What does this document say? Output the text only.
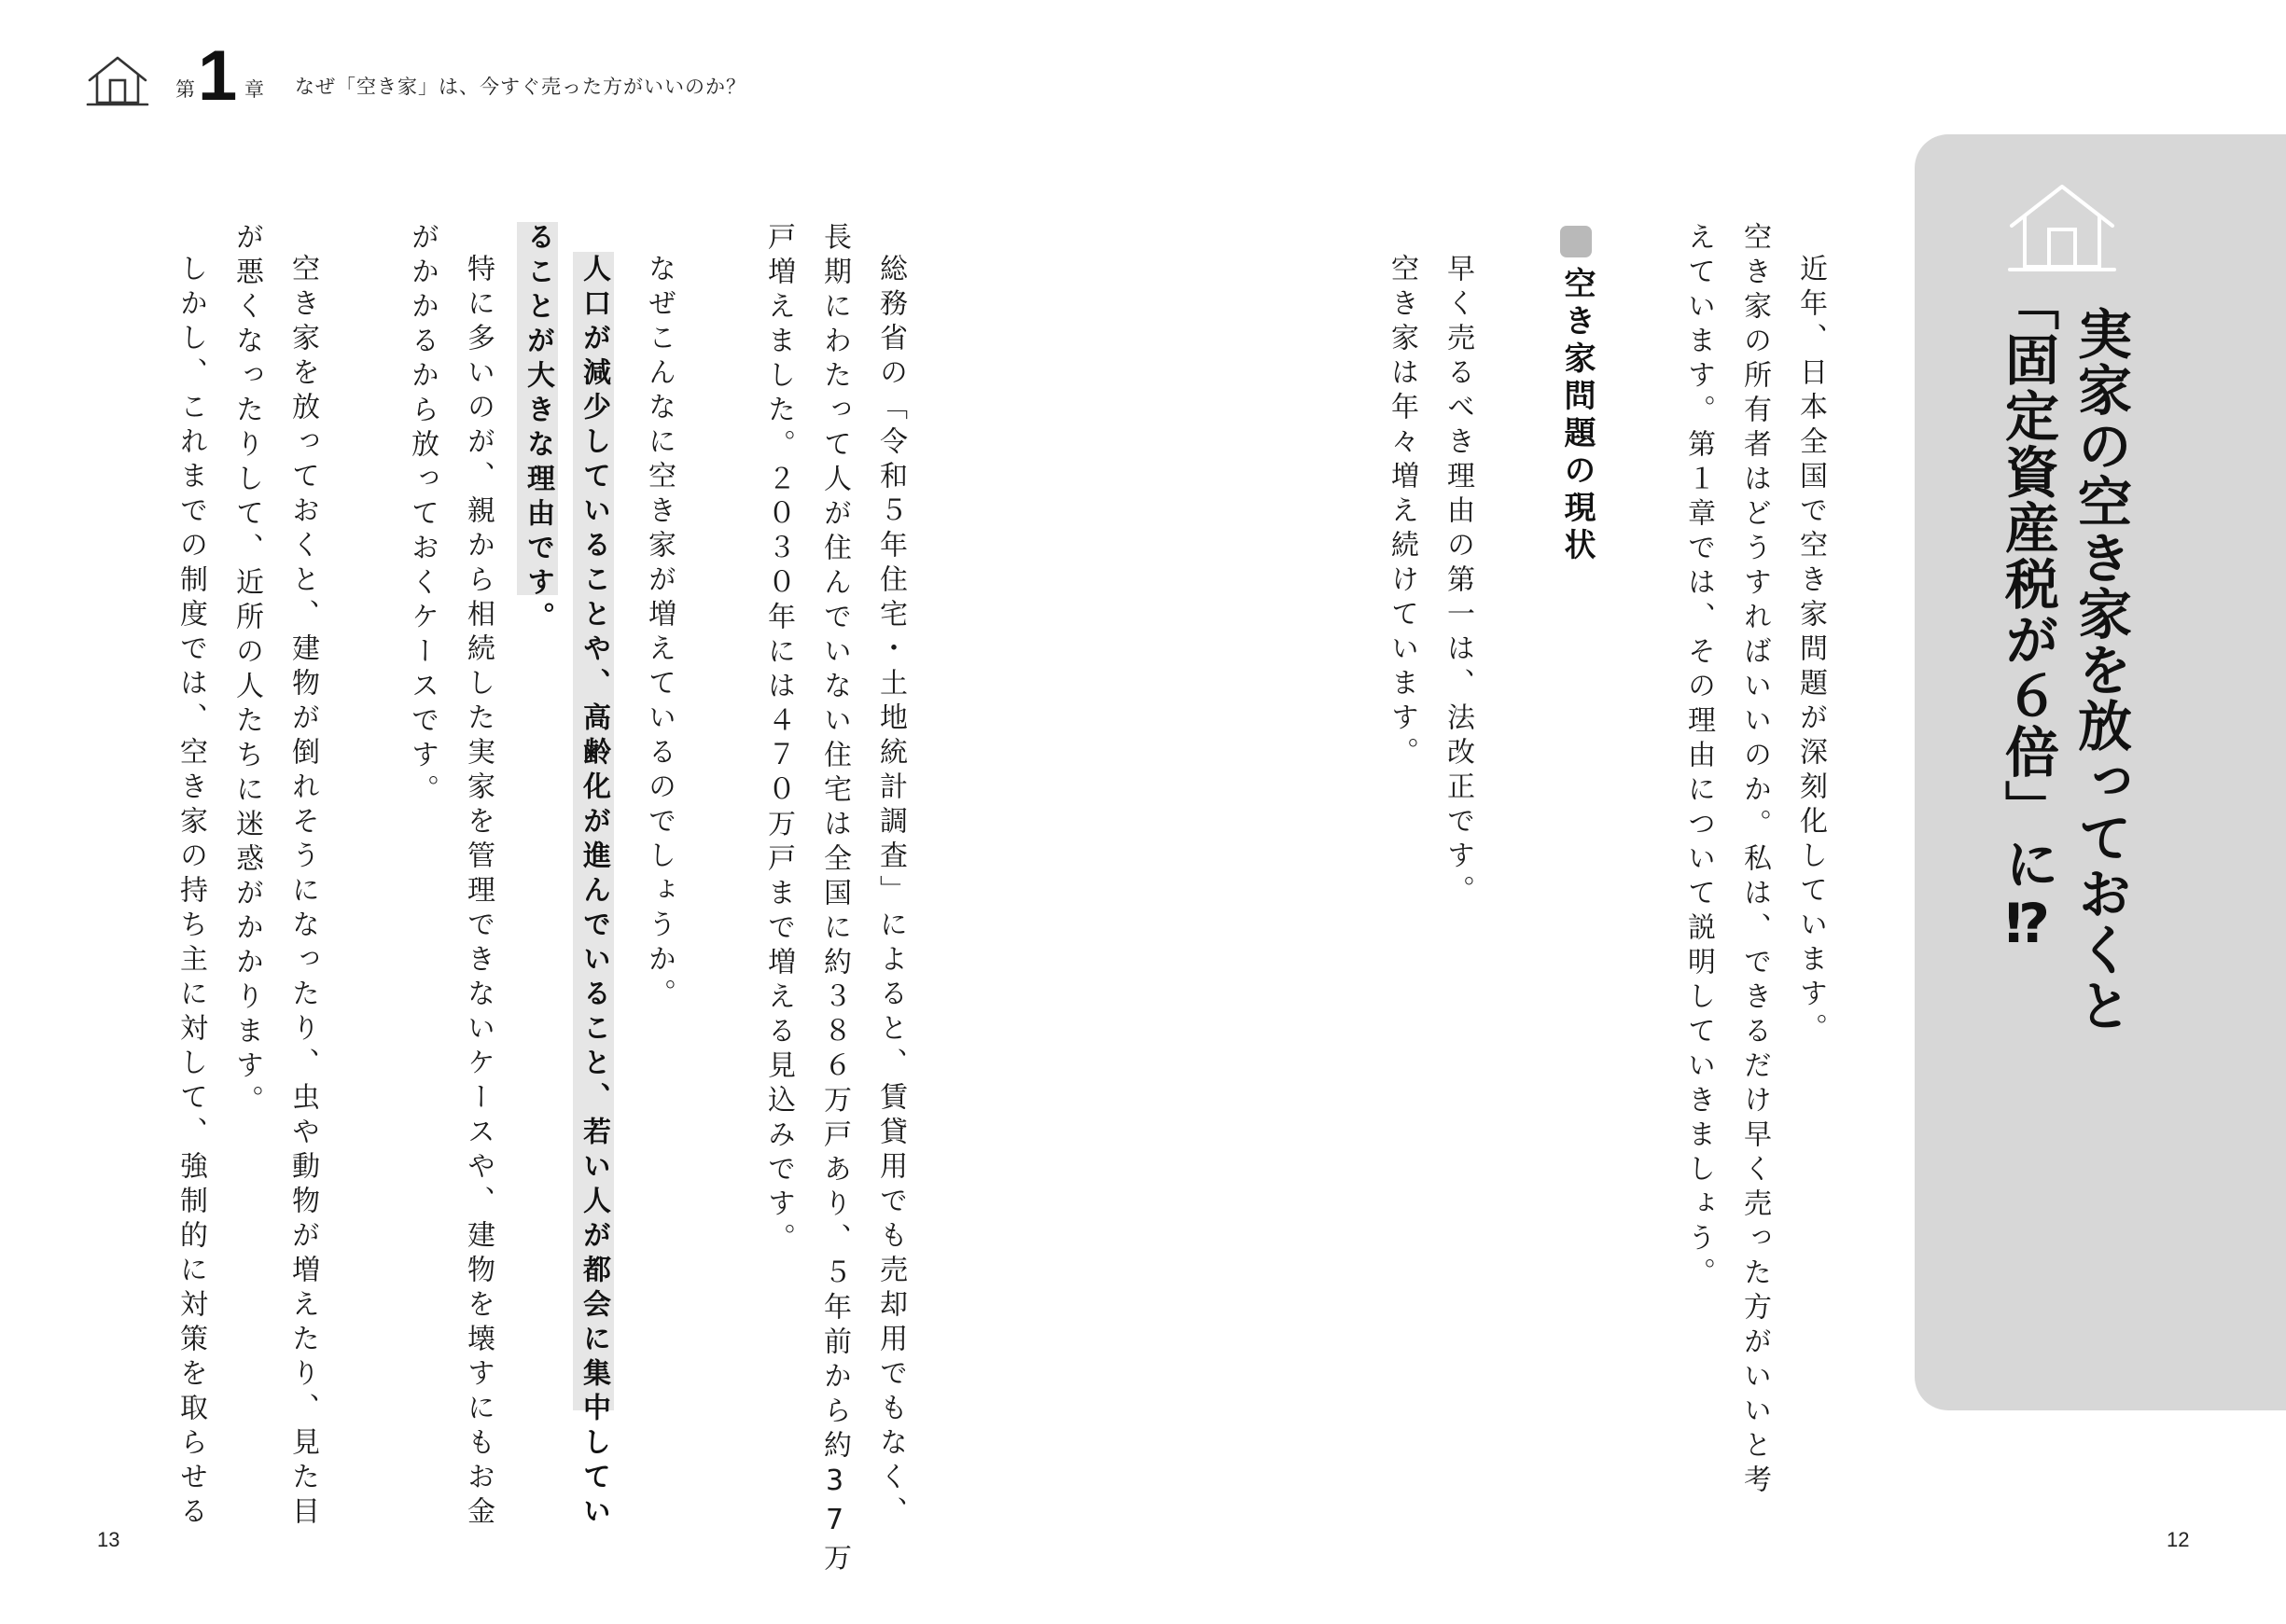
第 1 章 なぜ「空き家」は、今すぐ売った方がいいのか？
実家の空き家を放っておくと
「固定資産税が６倍」に⁉
近年、日本全国で空き家問題が深刻化しています。
空き家の所有者はどうすればいいのか。私は、できるだけ早く売った方がいいと考
えています。第１章では、その理由について説明していきましょう。
空き家問題の現状
早く売るべき理由の第一は、法改正です。
空き家は年々増え続けています。
総務省の「令和５年住宅・土地統計調査」によると、賃貸用でも売却用でもなく、
長期にわたって人が住んでいない住宅は全国に約３８６万戸あり、５年前から約37万
戸増えました。２０３０年には４７０万戸まで増える見込みです。
なぜこんなに空き家が増えているのでしょうか。
人口が減少していることや、高齢化が進んでいること、若い人が都会に集中してい
ることが大きな理由です。
特に多いのが、親から相続した実家を管理できないケースや、建物を壊すにもお金
がかかるから放っておくケースです。
空き家を放っておくと、建物が倒れそうになったり、虫や動物が増えたり、見た目
が悪くなったりして、近所の人たちに迷惑がかかります。
しかし、これまでの制度では、空き家の持ち主に対して、強制的に対策を取らせる
13	12
